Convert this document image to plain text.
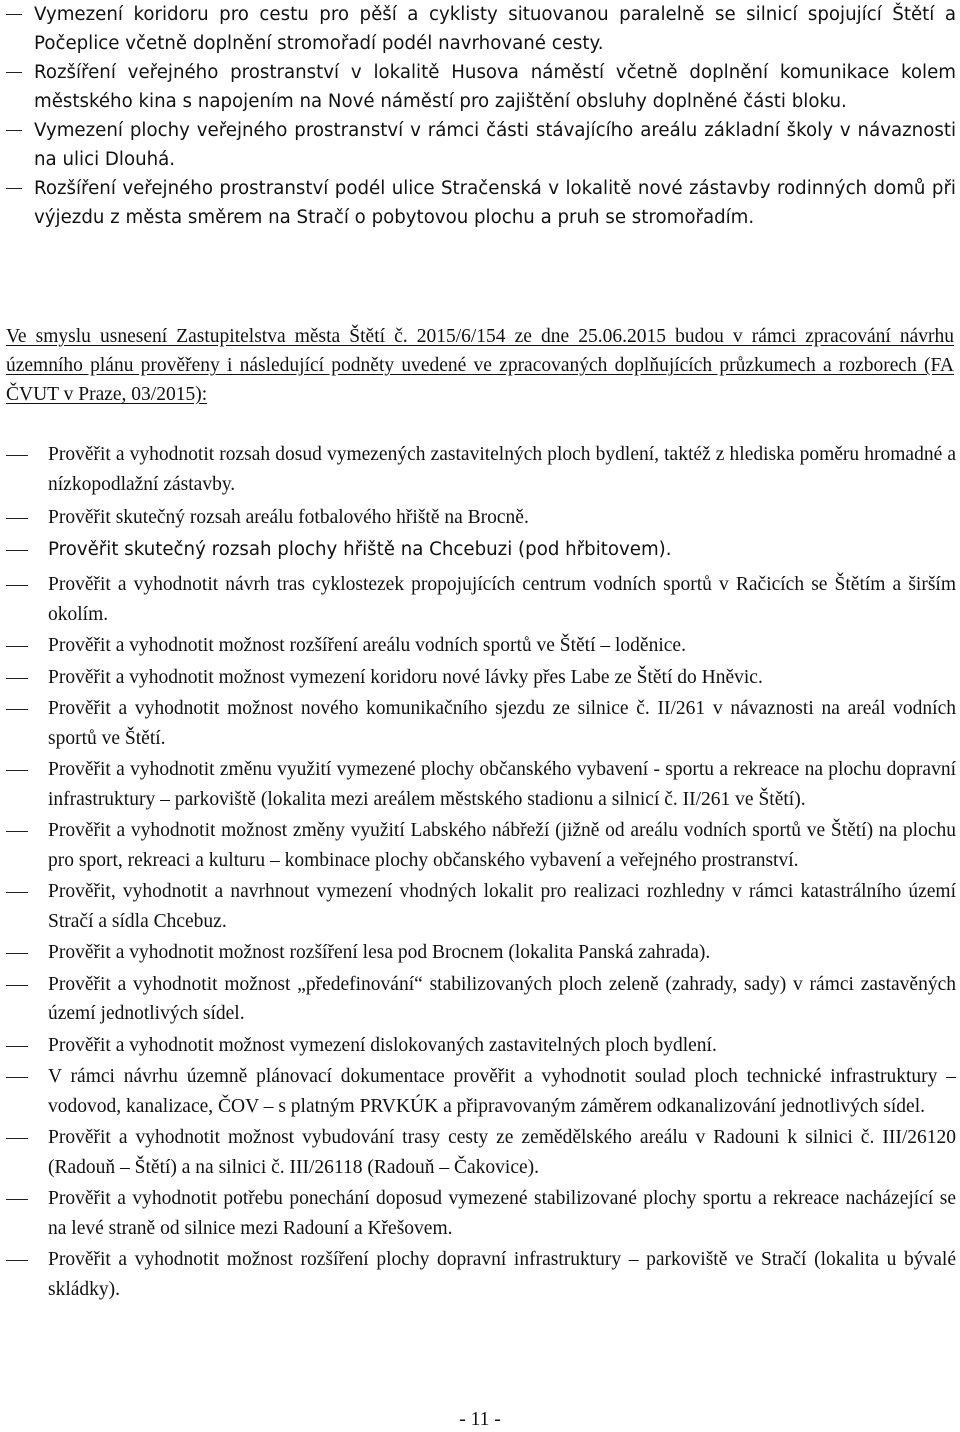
Vymezení koridoru pro cestu pro pěší a cyklisty situovanou paralelně se silnicí spojující Štětí a Počeplice včetně doplnění stromořadí podél navrhované cesty.
Rozšíření veřejného prostranství v lokalitě Husova náměstí včetně doplnění komunikace kolem městského kina s napojením na Nové náměstí pro zajištění obsluhy doplněné části bloku.
Vymezení plochy veřejného prostranství v rámci části stávajícího areálu základní školy v návaznosti na ulici Dlouhá.
Rozšíření veřejného prostranství podél ulice Stračenská v lokalitě nové zástavby rodinných domů při výjezdu z města směrem na Stračí o pobytovou plochu a pruh se stromořadím.

Ve smyslu usnesení Zastupitelstva města Štětí č. 2015/6/154 ze dne 25.06.2015 budou v rámci zpracování návrhu územního plánu prověřeny i následující podněty uvedené ve zpracovaných doplňujících průzkumech a rozborech (FA ČVUT v Praze, 03/2015):

Prověřit a vyhodnotit rozsah dosud vymezených zastavitelných ploch bydlení, taktéž z hlediska poměru hromadné a nízkopodlažní zástavby.
Prověřit skutečný rozsah areálu fotbalového hřiště na Brocně.
Prověřit skutečný rozsah plochy hřiště na Chcebuzi (pod hřbitovem).
Prověřit a vyhodnotit návrh tras cyklostezek propojujících centrum vodních sportů v Račicích se Štětím a širším okolím.
Prověřit a vyhodnotit možnost rozšíření areálu vodních sportů ve Štětí – loděnice.
Prověřit a vyhodnotit možnost vymezení koridoru nové lávky přes Labe ze Štětí do Hněvic.
Prověřit a vyhodnotit možnost nového komunikačního sjezdu ze silnice č. II/261 v návaznosti na areál vodních sportů ve Štětí.
Prověřit a vyhodnotit změnu využití vymezené plochy občanského vybavení - sportu a rekreace na plochu dopravní infrastruktury – parkoviště (lokalita mezi areálem městského stadionu a silnicí č. II/261 ve Štětí).
Prověřit a vyhodnotit možnost změny využití Labského nábřeží (jižně od areálu vodních sportů ve Štětí) na plochu pro sport, rekreaci a kulturu – kombinace plochy občanského vybavení a veřejného prostranství.
Prověřit, vyhodnotit a navrhnout vymezení vhodných lokalit pro realizaci rozhledny v rámci katastrálního území Stračí a sídla Chcebuz.
Prověřit a vyhodnotit možnost rozšíření lesa pod Brocnem (lokalita Panská zahrada).
Prověřit a vyhodnotit možnost „předefinování“ stabilizovaných ploch zeleně (zahrady, sady) v rámci zastavěných území jednotlivých sídel.
Prověřit a vyhodnotit možnost vymezení dislokovaných zastavitelných ploch bydlení.
V rámci návrhu územně plánovací dokumentace prověřit a vyhodnotit soulad ploch technické infrastruktury – vodovod, kanalizace, ČOV – s platným PRVKÚK a připravovaným záměrem odkanalizování jednotlivých sídel.
Prověřit a vyhodnotit možnost vybudování trasy cesty ze zemědělského areálu v Radouni k silnici č. III/26120 (Radouň – Štětí) a na silnici č. III/26118 (Radouň – Čakovice).
Prověřit a vyhodnotit potřebu ponechání doposud vymezené stabilizované plochy sportu a rekreace nacházející se na levé straně od silnice mezi Radouní a Křešovem.
Prověřit a vyhodnotit možnost rozšíření plochy dopravní infrastruktury – parkoviště ve Stračí (lokalita u bývalé skládky).
- 11 -
